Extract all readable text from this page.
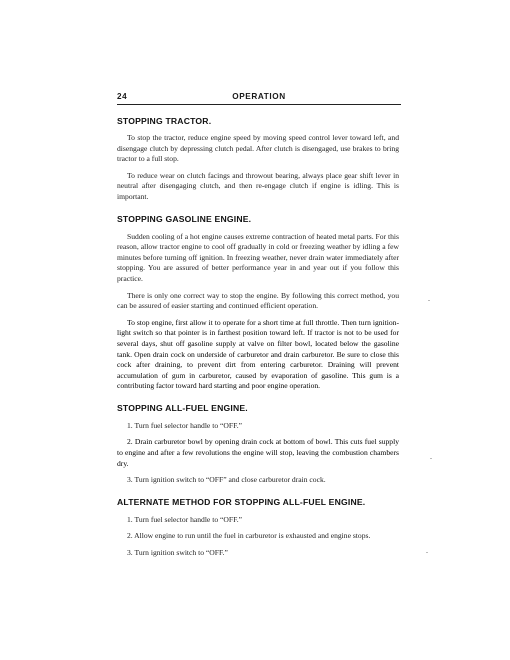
24	OPERATION
STOPPING TRACTOR.

To stop the tractor, reduce engine speed by moving speed control lever toward left, and disengage clutch by depressing clutch pedal. After clutch is disengaged, use brakes to bring tractor to a full stop.

To reduce wear on clutch facings and throwout bearing, always place gear shift lever in neutral after disengaging clutch, and then re-engage clutch if engine is idling. This is important.

STOPPING GASOLINE ENGINE.

Sudden cooling of a hot engine causes extreme contraction of heated metal parts. For this reason, allow tractor engine to cool off gradually in cold or freezing weather by idling a few minutes before turning off ignition. In freezing weather, never drain water immediately after stopping. You are assured of better performance year in and year out if you follow this practice.

There is only one correct way to stop the engine. By following this correct method, you can be assured of easier starting and continued efficient operation.

To stop engine, first allow it to operate for a short time at full throttle. Then turn ignition-light switch so that pointer is in farthest position toward left. If tractor is not to be used for several days, shut off gasoline supply at valve on filter bowl, located below the gasoline tank. Open drain cock on underside of carburetor and drain carburetor. Be sure to close this cock after draining, to prevent dirt from entering carburetor. Draining will prevent accumulation of gum in carburetor, caused by evaporation of gasoline. This gum is a contributing factor toward hard starting and poor engine operation.

STOPPING ALL-FUEL ENGINE.

1. Turn fuel selector handle to “OFF.”

2. Drain carburetor bowl by opening drain cock at bottom of bowl. This cuts fuel supply to engine and after a few revolutions the engine will stop, leaving the combustion chambers dry.

3. Turn ignition switch to “OFF” and close carburetor drain cock.

ALTERNATE METHOD FOR STOPPING ALL-FUEL ENGINE.

1. Turn fuel selector handle to “OFF.”

2. Allow engine to run until the fuel in carburetor is exhausted and engine stops.

3. Turn ignition switch to “OFF.”
